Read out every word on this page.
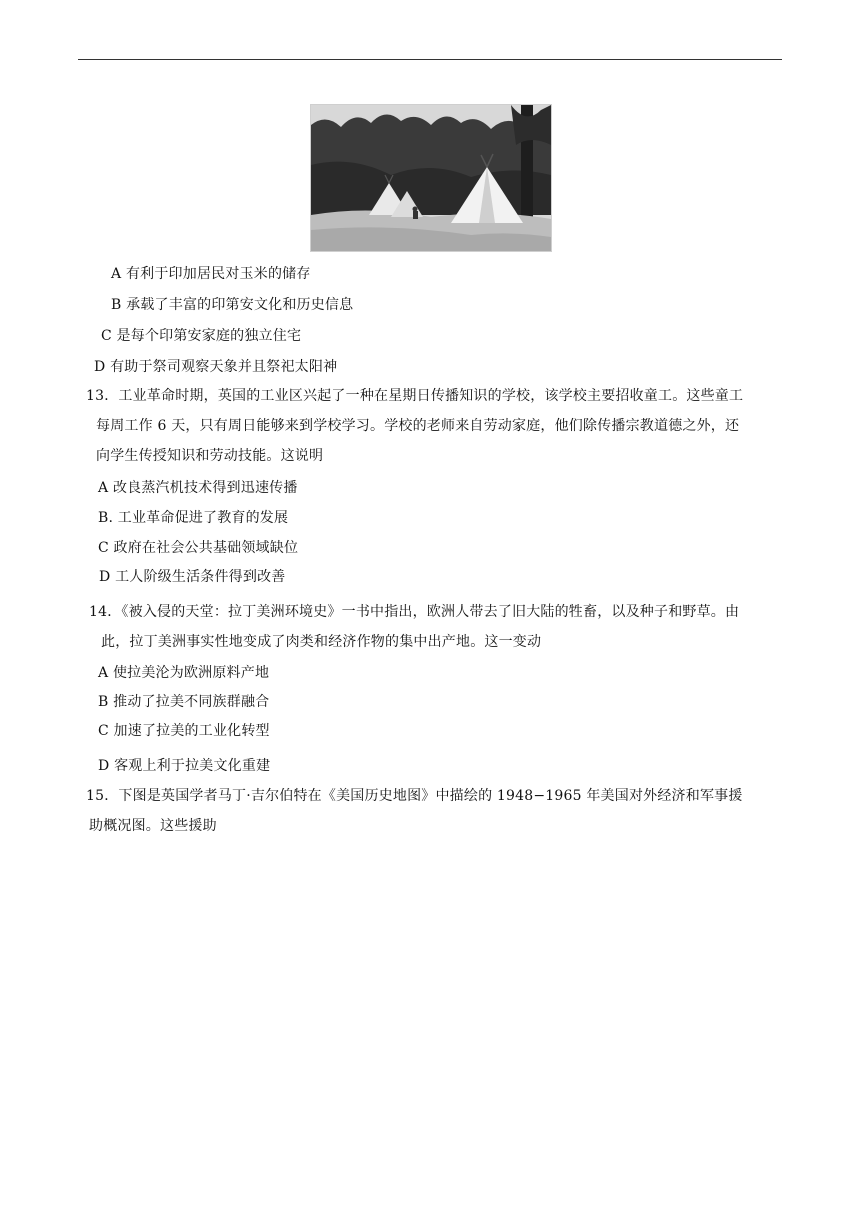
A 有利于印加居民对玉米的储存
B 承载了丰富的印第安文化和历史信息
C 是每个印第安家庭的独立住宅
D 有助于祭司观察天象并且祭祀太阳神
13．工业革命时期，英国的工业区兴起了一种在星期日传播知识的学校，该学校主要招收童工。这些童工
每周工作 6 天，只有周日能够来到学校学习。学校的老师来自劳动家庭，他们除传播宗教道德之外，还
向学生传授知识和劳动技能。这说明
A 改良蒸汽机技术得到迅速传播
B. 工业革命促进了教育的发展
C 政府在社会公共基础领域缺位
D 工人阶级生活条件得到改善
14．《被入侵的天堂：拉丁美洲环境史》一书中指出，欧洲人带去了旧大陆的牲畜，以及种子和野草。由
此，拉丁美洲事实性地变成了肉类和经济作物的集中出产地。这一变动
A 使拉美沦为欧洲原料产地
B 推动了拉美不同族群融合
C 加速了拉美的工业化转型
D 客观上利于拉美文化重建
15．下图是英国学者马丁·吉尔伯特在《美国历史地图》中描绘的 1948−1965 年美国对外经济和军事援
助概况图。这些援助
